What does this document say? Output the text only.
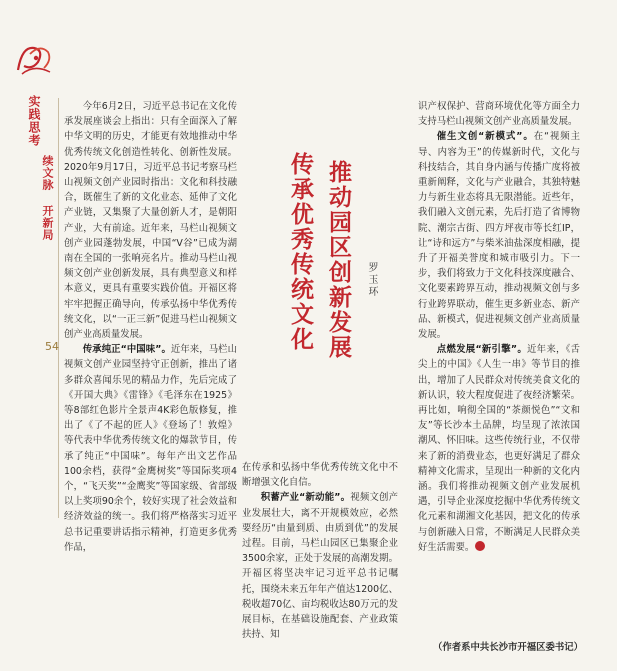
实践思考
续文脉 开新局
54

今年6月2日，习近平总书记在文化传承发展座谈会上指出：只有全面深入了解中华文明的历史，才能更有效地推动中华优秀传统文化创造性转化、创新性发展。2020年9月17日，习近平总书记考察马栏山视频文创产业园时指出：文化和科技融合，既催生了新的文化业态、延伸了文化产业链，又集聚了大量创新人才，是朝阳产业，大有前途。近年来，马栏山视频文创产业园蓬勃发展，中国“V谷”已成为湖南在全国的一张响亮名片。推动马栏山视频文创产业创新发展，具有典型意义和样本意义，更具有重要实践价值。开福区将牢牢把握正确导向，传承弘扬中华优秀传统文化，以“一正三新”促进马栏山视频文创产业高质量发展。

传承纯正“中国味”。近年来，马栏山视频文创产业园坚持守正创新，推出了诸多群众喜闻乐见的精品力作，先后完成了《开国大典》《雷锋》《毛泽东在1925》等8部红色影片全景声4K彩色版修复，推出了《了不起的匠人》《登场了！敦煌》等代表中华优秀传统文化的爆款节目，传承了纯正“中国味”。每年产出文艺作品100余档，获得“金鹰树奖”等国际奖项4个，“飞天奖”“金鹰奖”等国家级、省部级以上奖项90余个，较好实现了社会效益和经济效益的统一。我们将严格落实习近平总书记重要讲话指示精神，打造更多优秀作品，

推动园区创新发展
传承优秀传统文化	罗玉环

在传承和弘扬中华优秀传统文化中不断增强文化自信。

积蓄产业“新动能”。视频文创产业发展壮大，离不开规模效应，必然要经历“由量到质、由质到优”的发展过程。目前，马栏山园区已集聚企业3500余家，正处于发展的高潮发期。开福区将坚决牢记习近平总书记嘱托，围绕未来五年年产值达1200亿、税收超70亿、亩均税收达80万元的发展目标，在基础设施配套、产业政策扶持、知

识产权保护、营商环境优化等方面全力支持马栏山视频文创产业高质量发展。

催生文创“新模式”。在“视频主导、内容为王”的传媒新时代，文化与科技结合，其自身内涵与传播广度将被重新阐释，文化与产业融合，其独特魅力与新生业态将具无限潜能。近些年，我们融入文创元素，先后打造了省博物院、潮宗古街、四方坪夜市等长红IP，让“诗和远方”与柴米油盐深度相融，提升了开福美誉度和城市吸引力。下一步，我们将致力于文化科技深度融合、文化要素跨界互动，推动视频文创与多行业跨界联动，催生更多新业态、新产品、新模式，促进视频文创产业高质量发展。

点燃发展“新引擎”。近年来，《舌尖上的中国》《人生一串》等节目的推出，增加了人民群众对传统美食文化的新认识，较大程度促进了夜经济繁荣。再比如，响彻全国的“茶颜悦色”“文和友”等长沙本土品牌，均呈现了浓浓国潮风、怀旧味。这些传统行业，不仅带来了新的消费业态，也更好满足了群众精神文化需求，呈现出一种新的文化内涵。我们将推动视频文创产业发展机遇，引导企业深度挖掘中华优秀传统文化元素和湖湘文化基因，把文化的传承与创新融入日常，不断满足人民群众美好生活需要。

（作者系中共长沙市开福区委书记）
